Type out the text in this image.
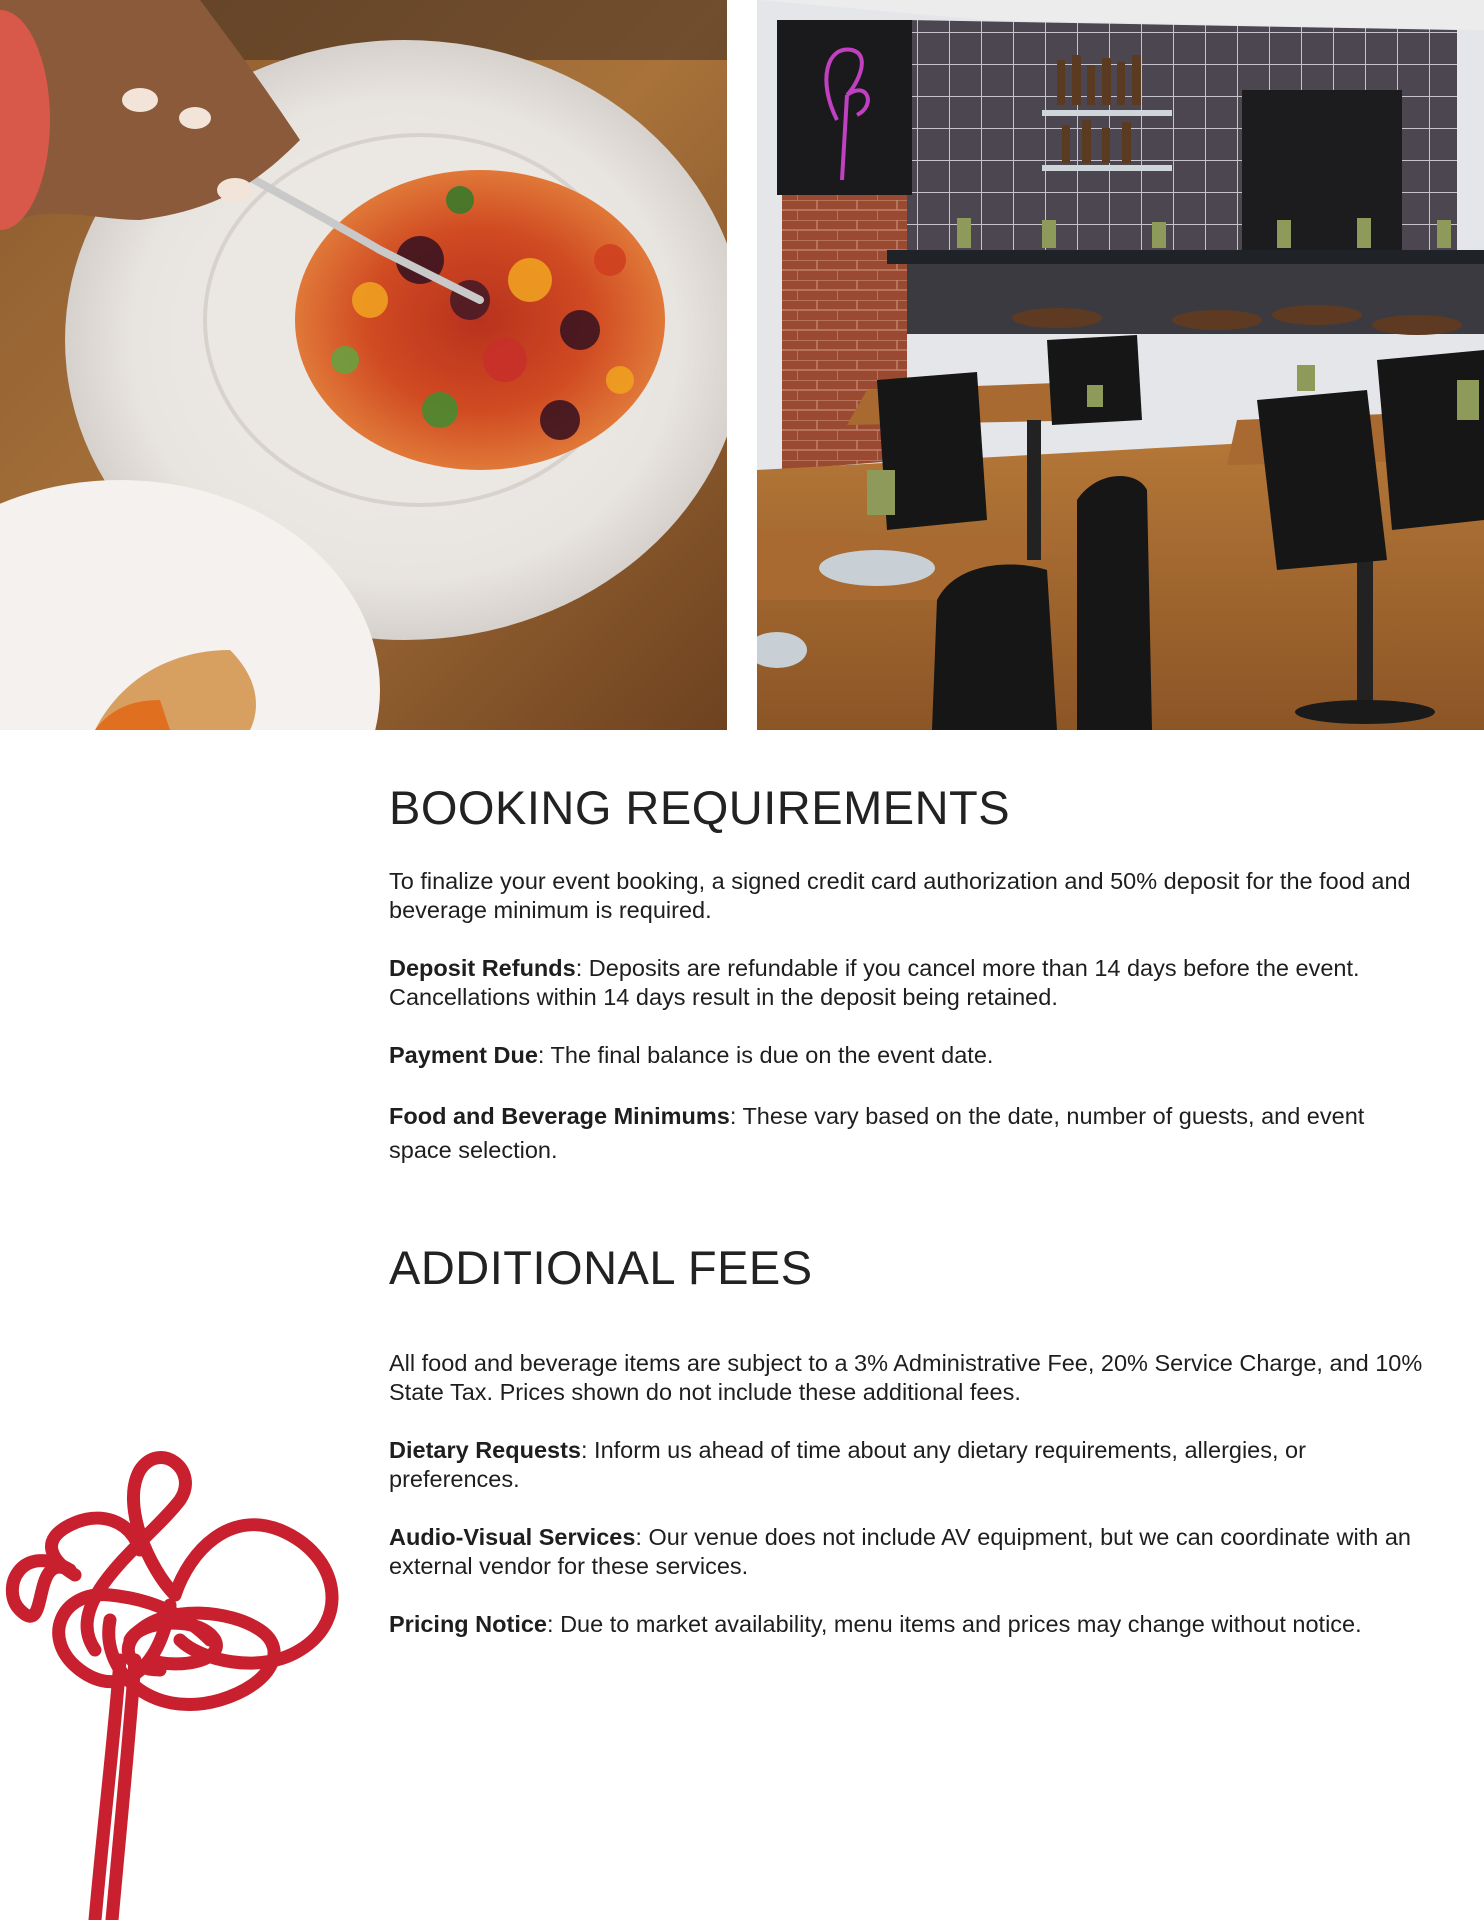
BOOKING REQUIREMENTS

To finalize your event booking, a signed credit card authorization and 50% deposit for the food and beverage minimum is required.

Deposit Refunds: Deposits are refundable if you cancel more than 14 days before the event. Cancellations within 14 days result in the deposit being retained.

Payment Due: The final balance is due on the event date.

Food and Beverage Minimums: These vary based on the date, number of guests, and event space selection.

ADDITIONAL FEES

All food and beverage items are subject to a 3% Administrative Fee, 20% Service Charge, and 10% State Tax. Prices shown do not include these additional fees.

Dietary Requests: Inform us ahead of time about any dietary requirements, allergies, or preferences.

Audio-Visual Services: Our venue does not include AV equipment, but we can coordinate with an external vendor for these services.

Pricing Notice: Due to market availability, menu items and prices may change without notice.
